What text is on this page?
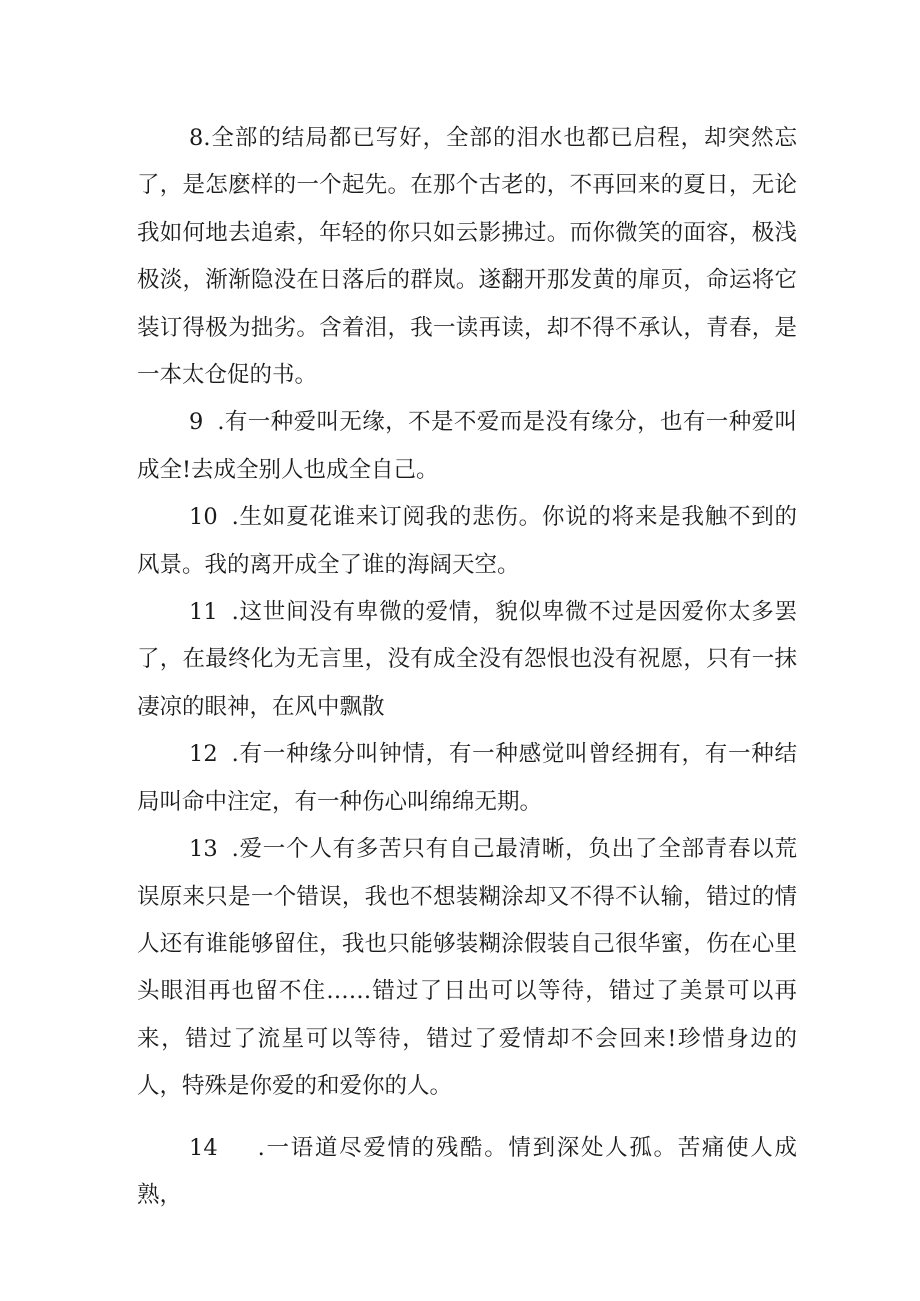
8.全部的结局都已写好，全部的泪水也都已启程，却突然忘了，是怎麽样的一个起先。在那个古老的，不再回来的夏日，无论我如何地去追索，年轻的你只如云影拂过。而你微笑的面容，极浅极淡，渐渐隐没在日落后的群岚。遂翻开那发黄的扉页，命运将它装订得极为拙劣。含着泪，我一读再读，却不得不承认，青春，是一本太仓促的书。

9 .有一种爱叫无缘，不是不爱而是没有缘分，也有一种爱叫成全!去成全别人也成全自己。

10 .生如夏花谁来订阅我的悲伤。你说的将来是我触不到的风景。我的离开成全了谁的海阔天空。

11 .这世间没有卑微的爱情，貌似卑微不过是因爱你太多罢了，在最终化为无言里，没有成全没有怨恨也没有祝愿，只有一抹凄凉的眼神，在风中飘散

12 .有一种缘分叫钟情，有一种感觉叫曾经拥有，有一种结局叫命中注定，有一种伤心叫绵绵无期。

13 .爱一个人有多苦只有自己最清晰，负出了全部青春以荒误原来只是一个错误，我也不想装糊涂却又不得不认输，错过的情人还有谁能够留住，我也只能够装糊涂假装自己很华蜜，伤在心里头眼泪再也留不住……错过了日出可以等待，错过了美景可以再来，错过了流星可以等待，错过了爱情却不会回来!珍惜身边的人，特殊是你爱的和爱你的人。

14 .一语道尽爱情的残酷。情到深处人孤。苦痛使人成熟，
